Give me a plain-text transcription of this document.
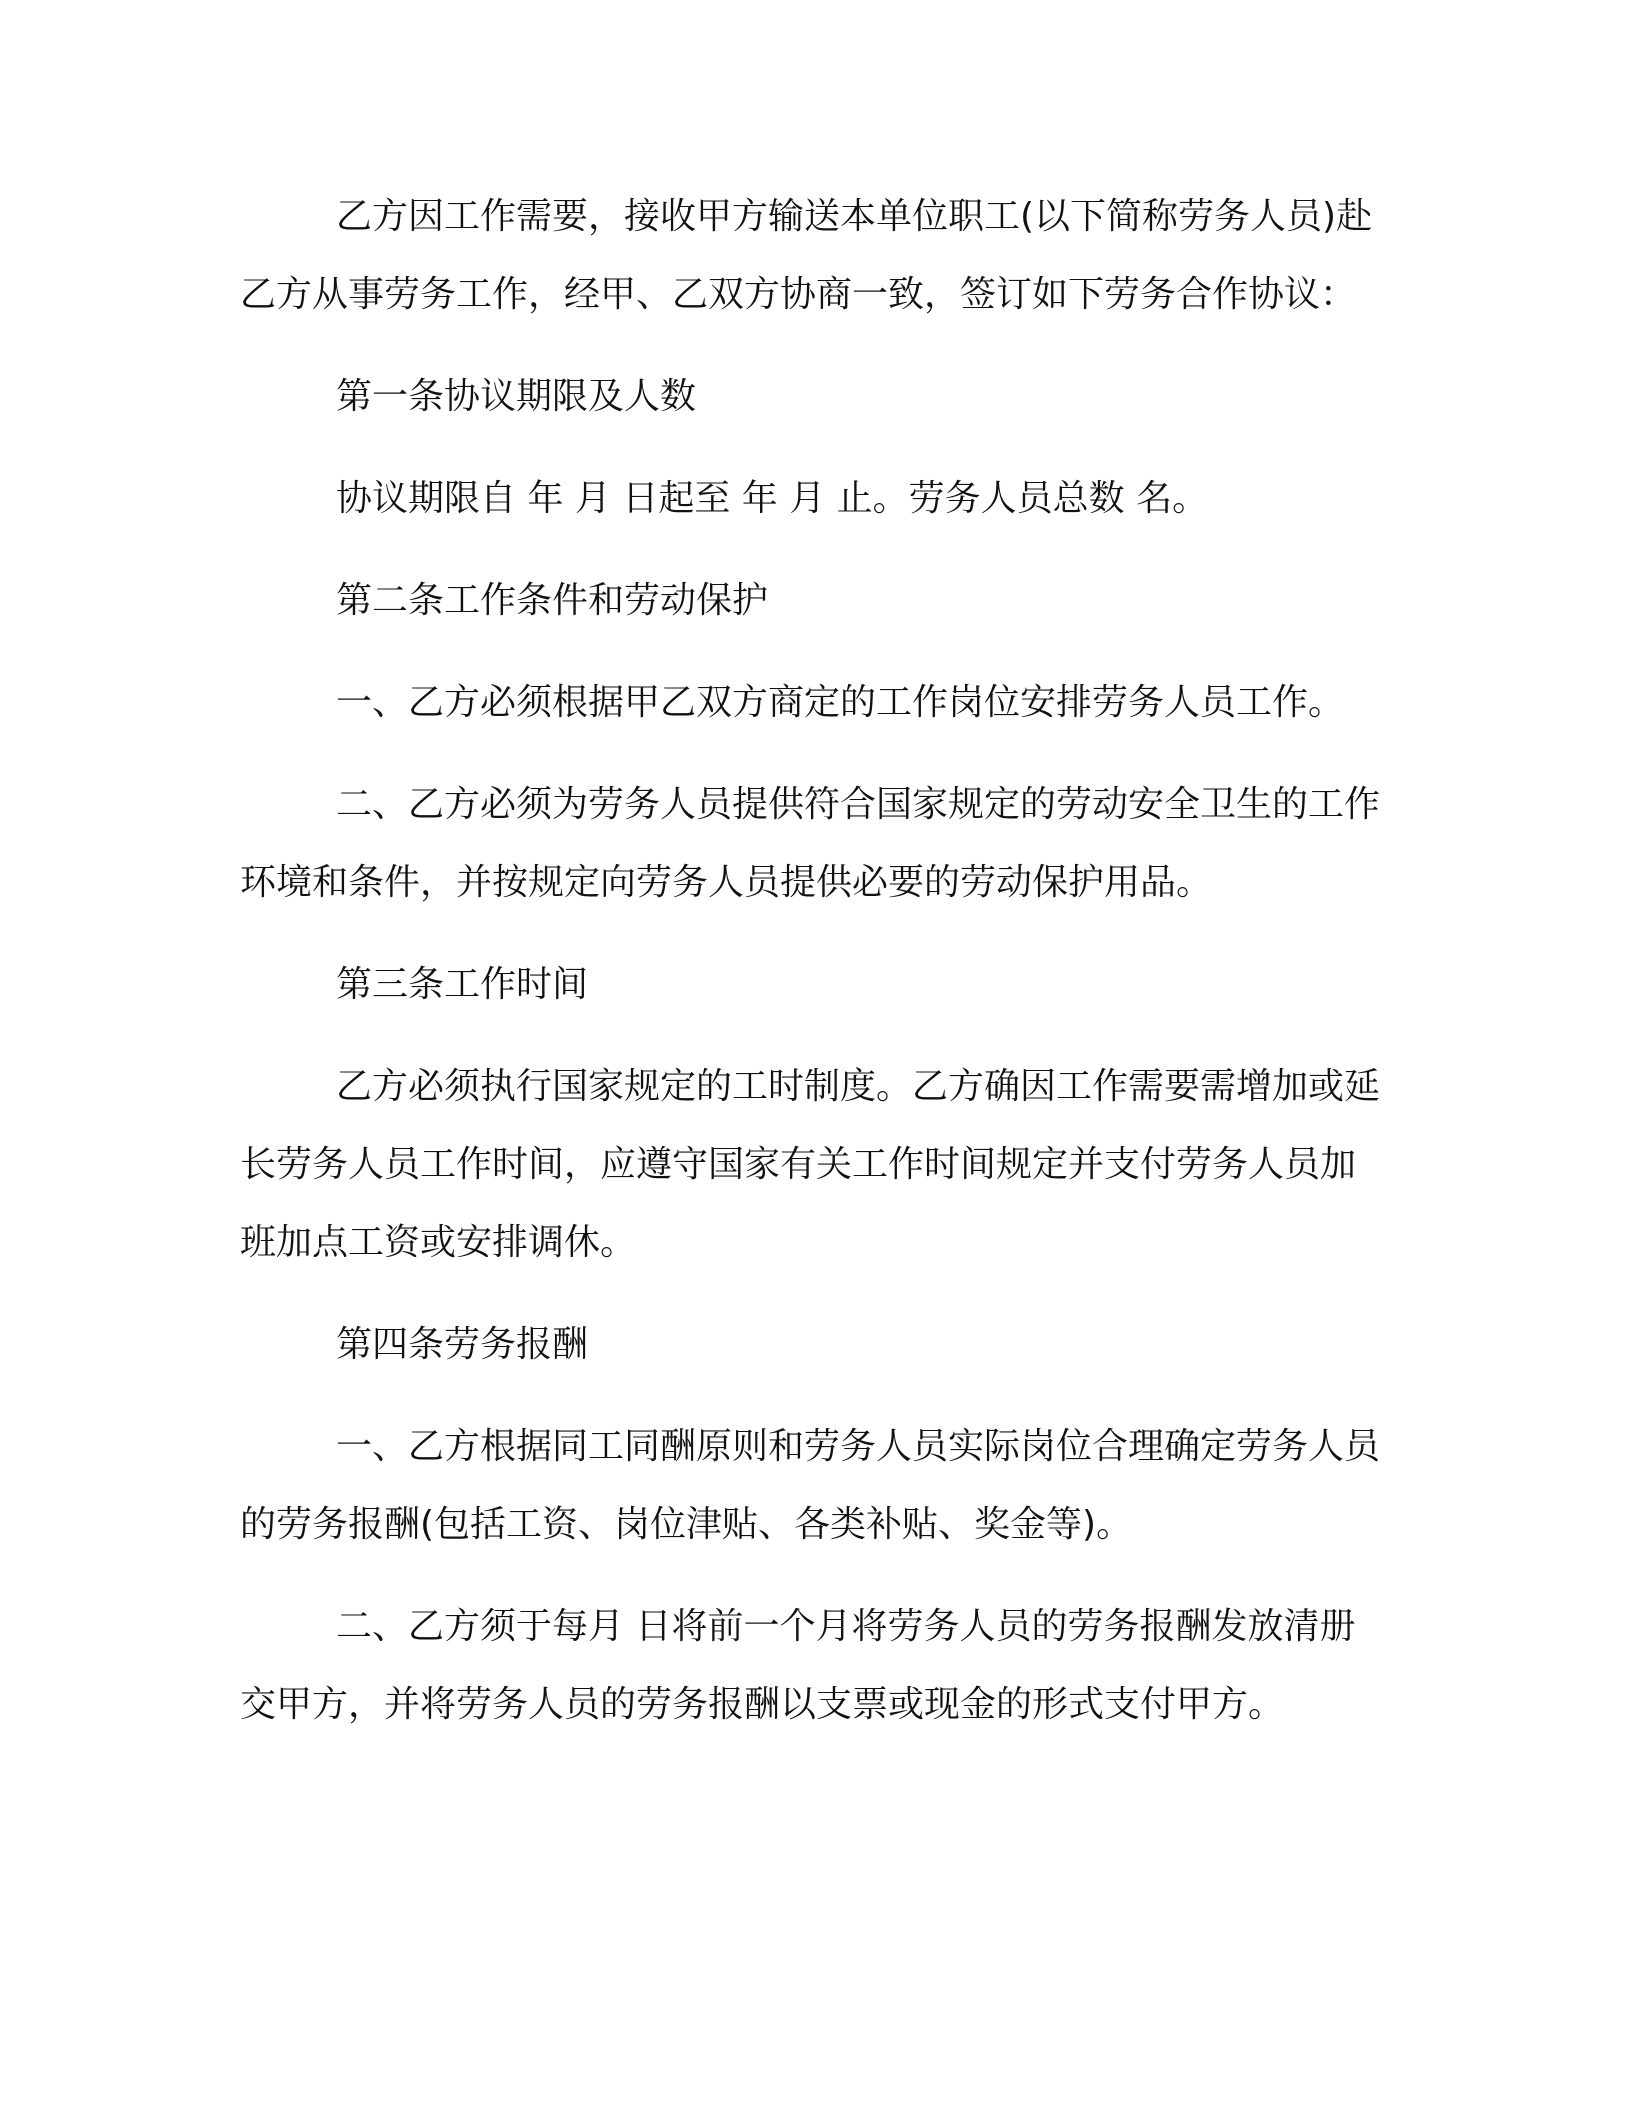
乙方因工作需要，接收甲方输送本单位职工(以下简称劳务人员)赴乙方从事劳务工作，经甲、乙双方协商一致，签订如下劳务合作协议：

第一条协议期限及人数

协议期限自 年 月 日起至 年 月 止。劳务人员总数 名。

第二条工作条件和劳动保护

一、乙方必须根据甲乙双方商定的工作岗位安排劳务人员工作。

二、乙方必须为劳务人员提供符合国家规定的劳动安全卫生的工作环境和条件，并按规定向劳务人员提供必要的劳动保护用品。

第三条工作时间

乙方必须执行国家规定的工时制度。乙方确因工作需要需增加或延长劳务人员工作时间，应遵守国家有关工作时间规定并支付劳务人员加班加点工资或安排调休。

第四条劳务报酬

一、乙方根据同工同酬原则和劳务人员实际岗位合理确定劳务人员的劳务报酬(包括工资、岗位津贴、各类补贴、奖金等)。

二、乙方须于每月 日将前一个月将劳务人员的劳务报酬发放清册交甲方，并将劳务人员的劳务报酬以支票或现金的形式支付甲方。
